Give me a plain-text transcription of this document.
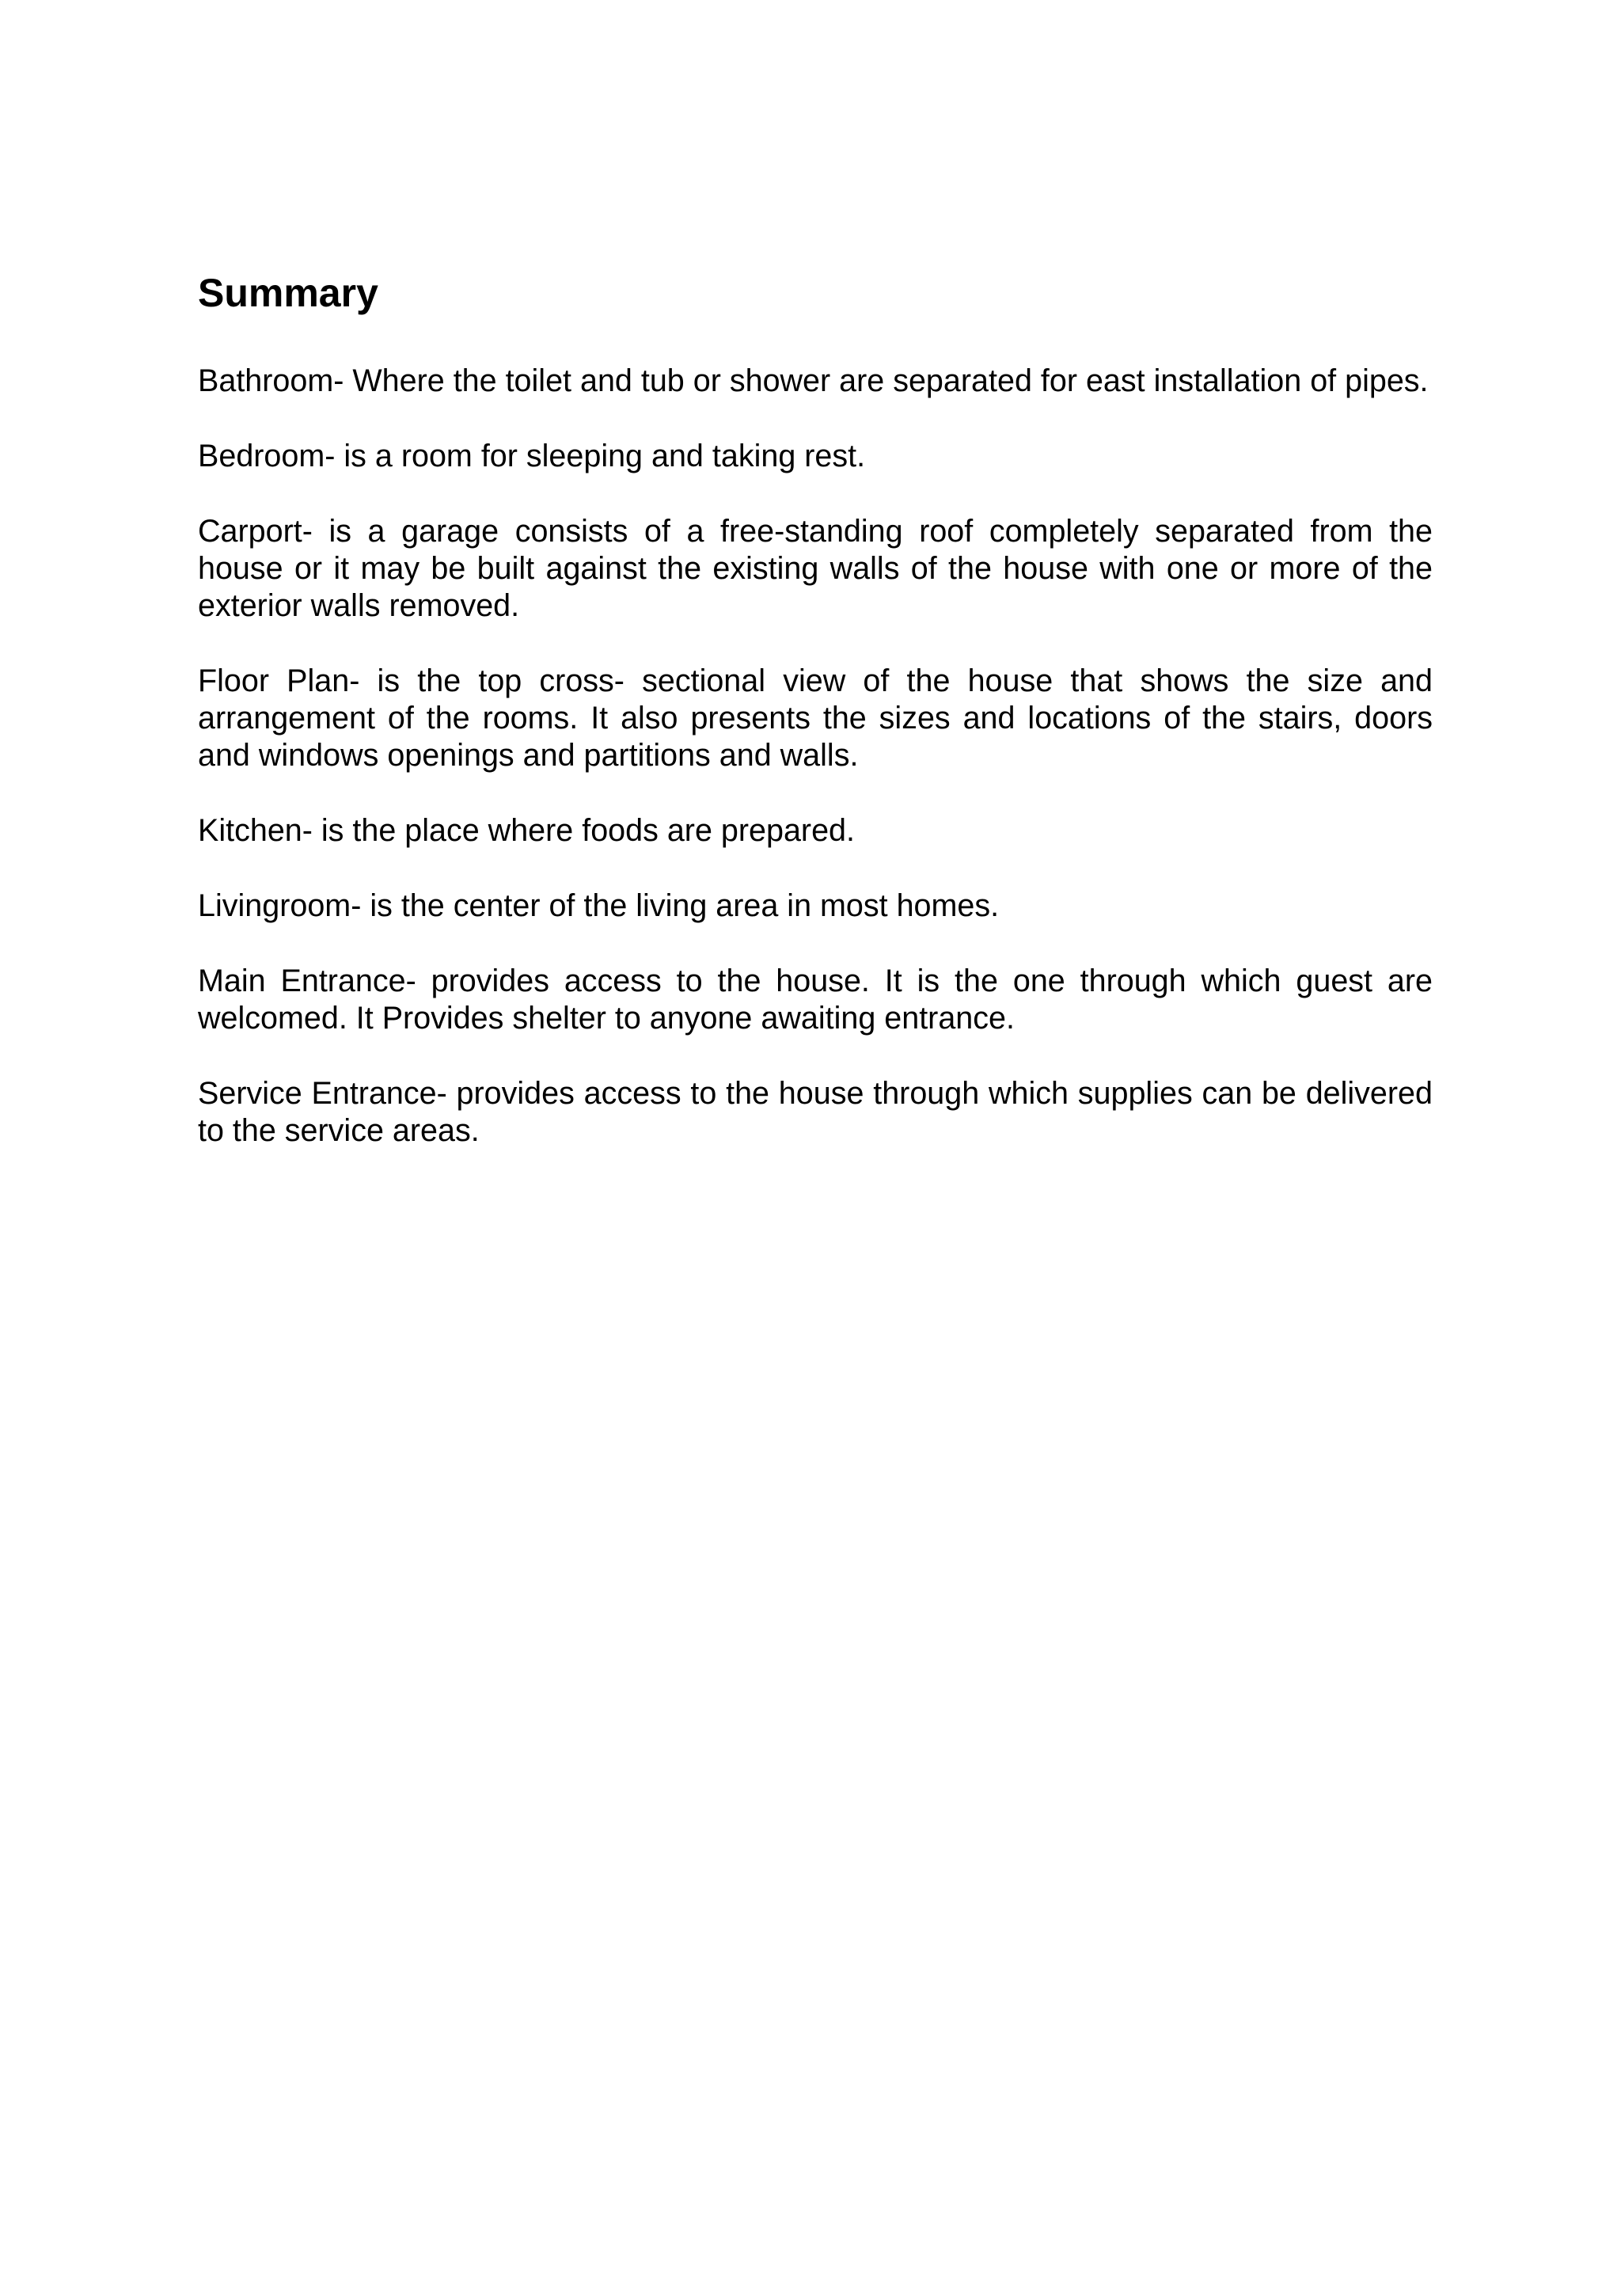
Summary

Bathroom- Where the toilet and tub or shower are separated for east installation of pipes.

Bedroom- is a room for sleeping and taking rest.

Carport- is a garage consists of a free-standing roof completely separated from the house or it may be built against the existing walls of the house with one or more of the exterior walls removed.

Floor Plan- is the top cross- sectional view of the house that shows the size and arrangement of the rooms. It also presents the sizes and locations of the stairs, doors and windows openings and partitions and walls.

Kitchen- is the place where foods are prepared.

Livingroom- is the center of the living area in most homes.

Main Entrance- provides access to the house. It is the one through which guest are welcomed. It Provides shelter to anyone awaiting entrance.

Service Entrance- provides access to the house through which supplies can be delivered to the service areas.
